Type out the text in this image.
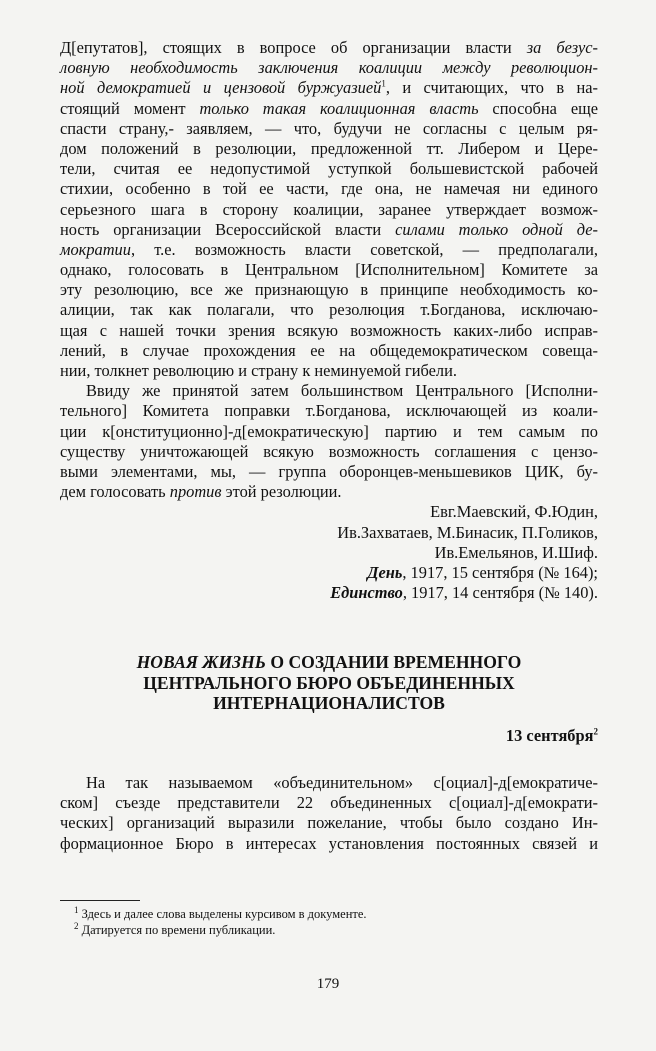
Д[епутатов], стоящих в вопросе об организации власти за безус-
ловную необходимость заключения коалиции между революцион-
ной демократией и цензовой буржуазией$^1$, и считающих, что в на-
стоящий момент только такая коалиционная власть способна еще
спасти страну,- заявляем, — что, будучи не согласны с целым ря-
дом положений в резолюции, предложенной тт. Либером и Цере-
тели, считая ее недопустимой уступкой большевистской рабочей
стихии, особенно в той ее части, где она, не намечая ни единого
серьезного шага в сторону коалиции, заранее утверждает возмож-
ность организации Всероссийской власти силами только одной де-
мократии, т.е. возможность власти советской, — предполагали,
однако, голосовать в Центральном [Исполнительном] Комитете за
эту резолюцию, все же признающую в принципе необходимость ко-
алиции, так как полагали, что резолюция т.Богданова, исключаю-
щая с нашей точки зрения всякую возможность каких-либо исправ-
лений, в случае прохождения ее на общедемократическом совеща-
нии, толкнет революцию и страну к неминуемой гибели.
Ввиду же принятой затем большинством Центрального [Исполни-
тельного] Комитета поправки т.Богданова, исключающей из коали-
ции к[онституционно]-д[емократическую] партию и тем самым по
существу уничтожающей всякую возможность соглашения с цензо-
выми элементами, мы, — группа оборонцев-меньшевиков ЦИК, бу-
дем голосовать против этой резолюции.
Евг.Маевский, Ф.Юдин,
Ив.Захватаев, М.Бинасик, П.Голиков,
Ив.Емельянов, И.Шиф.
День, 1917, 15 сентября (№ 164);
Единство, 1917, 14 сентября (№ 140).
НОВАЯ ЖИЗНЬ О СОЗДАНИИ ВРЕМЕННОГО
ЦЕНТРАЛЬНОГО БЮРО ОБЪЕДИНЕННЫХ
ИНТЕРНАЦИОНАЛИСТОВ
13 сентября$^2$
На так называемом «объединительном» с[оциал]-д[емократиче-
ском] съезде представители 22 объединенных с[оциал]-д[емократи-
ческих] организаций выразили пожелание, чтобы было создано Ин-
формационное Бюро в интересах установления постоянных связей и
$^1$ Здесь и далее слова выделены курсивом в документе.
$^2$ Датируется по времени публикации.
179
